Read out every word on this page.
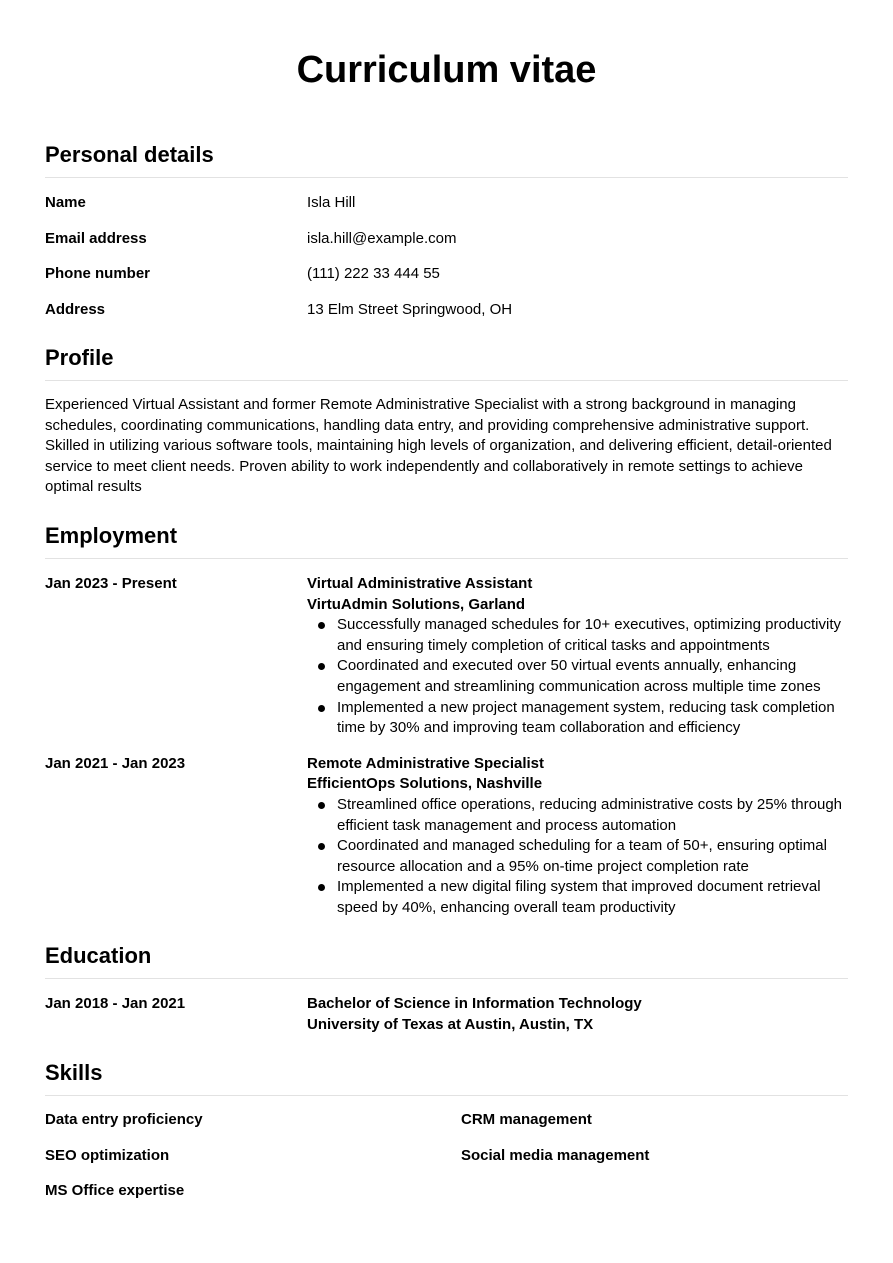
Curriculum vitae
Personal details
Name	Isla Hill
Email address	isla.hill@example.com
Phone number	(111) 222 33 444 55
Address	13 Elm Street Springwood, OH
Profile

Experienced Virtual Assistant and former Remote Administrative Specialist with a strong background in managing schedules, coordinating communications, handling data entry, and providing comprehensive administrative support. Skilled in utilizing various software tools, maintaining high levels of organization, and delivering efficient, detail-oriented service to meet client needs. Proven ability to work independently and collaboratively in remote settings to achieve optimal results

Employment
Jan 2023 - Present	Virtual Administrative Assistant
VirtuAdmin Solutions, Garland
Successfully managed schedules for 10+ executives, optimizing productivity and ensuring timely completion of critical tasks and appointments
Coordinated and executed over 50 virtual events annually, enhancing engagement and streamlining communication across multiple time zones
Implemented a new project management system, reducing task completion time by 30% and improving team collaboration and efficiency
Jan 2021 - Jan 2023	Remote Administrative Specialist
EfficientOps Solutions, Nashville
Streamlined office operations, reducing administrative costs by 25% through efficient task management and process automation
Coordinated and managed scheduling for a team of 50+, ensuring optimal resource allocation and a 95% on-time project completion rate
Implemented a new digital filing system that improved document retrieval speed by 40%, enhancing overall team productivity
Education
Jan 2018 - Jan 2021	Bachelor of Science in Information Technology
University of Texas at Austin, Austin, TX
Skills
Data entry proficiency	CRM management
SEO optimization	Social media management
MS Office expertise
